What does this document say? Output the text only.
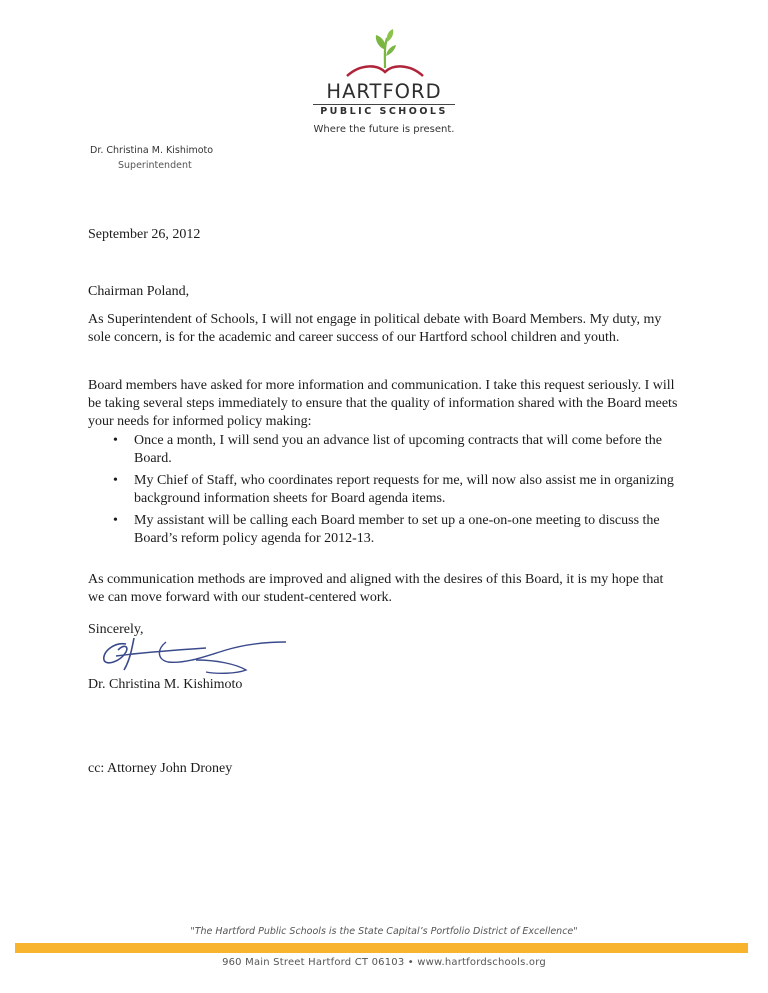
HARTFORD
PUBLIC SCHOOLS
Where the future is present.
Dr. Christina M. Kishimoto
Superintendent
September 26, 2012
Chairman Poland,
As Superintendent of Schools, I will not engage in political debate with Board Members. My duty, my sole concern, is for the academic and career success of our Hartford school children and youth.
Board members have asked for more information and communication. I take this request seriously. I will be taking several steps immediately to ensure that the quality of information shared with the Board meets your needs for informed policy making:
• Once a month, I will send you an advance list of upcoming contracts that will come before the Board.
• My Chief of Staff, who coordinates report requests for me, will now also assist me in organizing background information sheets for Board agenda items.
• My assistant will be calling each Board member to set up a one-on-one meeting to discuss the Board’s reform policy agenda for 2012-13.
As communication methods are improved and aligned with the desires of this Board, it is my hope that we can move forward with our student-centered work.
Sincerely,
Dr. Christina M. Kishimoto
cc: Attorney John Droney
"The Hartford Public Schools is the State Capital’s Portfolio District of Excellence"
960 Main Street Hartford CT 06103 • www.hartfordschools.org
